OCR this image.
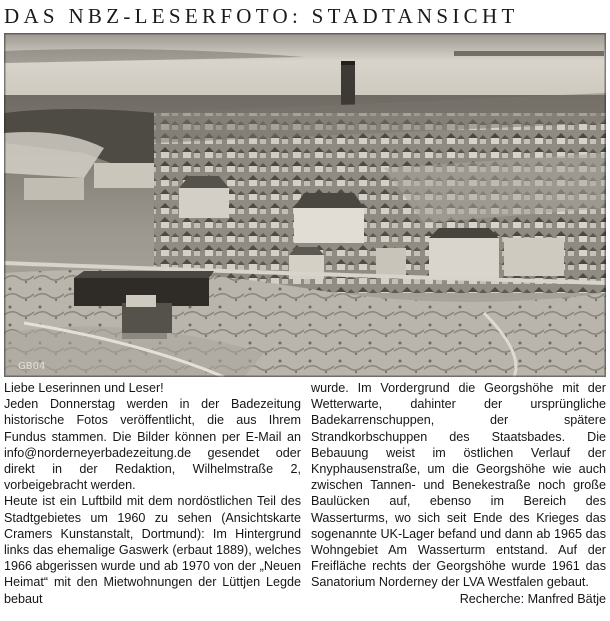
DAS NBZ-LESERFOTO: STADTANSICHT
GB04

Liebe Leserinnen und Leser!

Jeden Donnerstag werden in der Badezeitung historische Fotos veröffentlicht, die aus Ihrem Fundus stammen. Die Bilder können per E-Mail an info@norderneyerbadezeitung.de gesendet oder direkt in der Redaktion, Wilhelmstraße 2, vorbeigebracht werden.

Heute ist ein Luftbild mit dem nordöstlichen Teil des Stadtgebietes um 1960 zu sehen (Ansichtskarte Cramers Kunstanstalt, Dortmund): Im Hintergrund links das ehemalige Gaswerk (erbaut 1889), welches 1966 abgerissen wurde und ab 1970 von der „Neuen Heimat“ mit den Mietwohnungen der Lüttjen Legde bebaut

wurde. Im Vordergrund die Georgshöhe mit der Wetterwarte, dahinter der ursprüngliche Badekarrenschuppen, der spätere Strandkorbschuppen des Staatsbades. Die Bebauung weist im östlichen Verlauf der Knyphausenstraße, um die Georgshöhe wie auch zwischen Tannen- und Benekestraße noch große Baulücken auf, ebenso im Bereich des Wasserturms, wo sich seit Ende des Krieges das sogenannte UK-Lager befand und dann ab 1965 das Wohngebiet Am Wasserturm entstand. Auf der Freifläche rechts der Georgshöhe wurde 1961 das Sanatorium Norderney der LVA Westfalen gebaut.

Recherche: Manfred Bätje
